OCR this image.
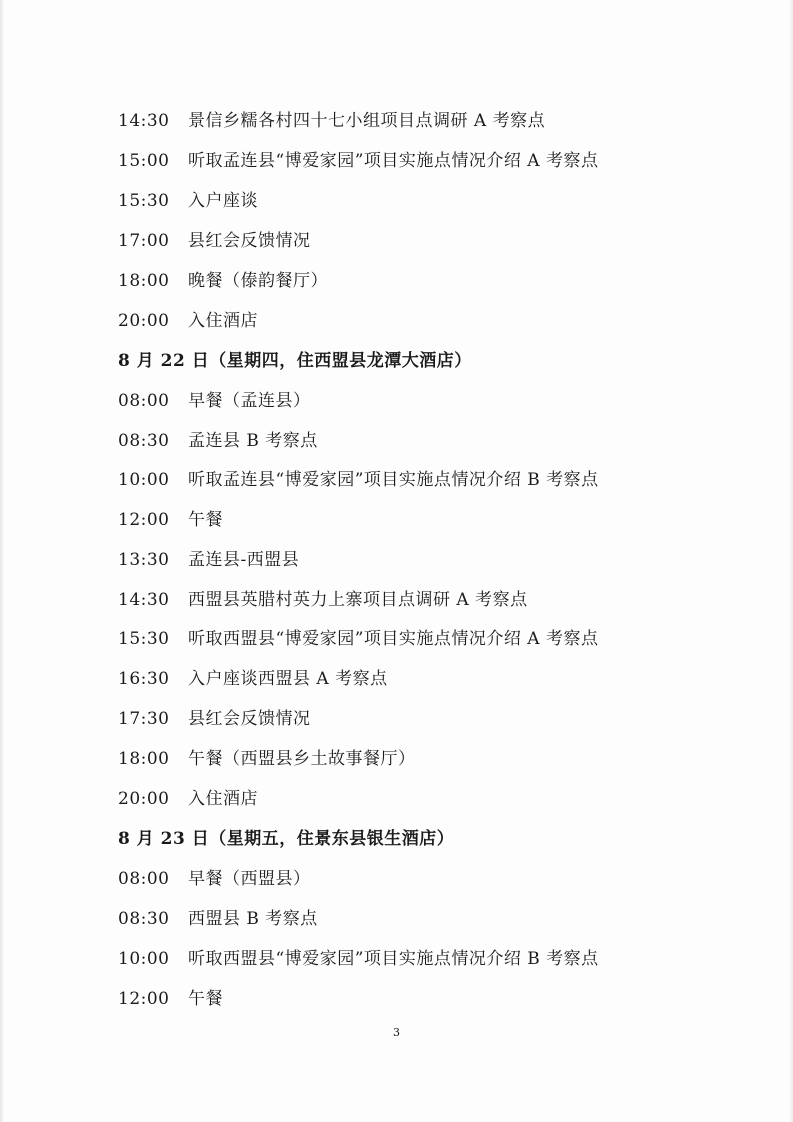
14:30 景信乡糯各村四十七小组项目点调研 A 考察点
15:00 听取孟连县“博爱家园”项目实施点情况介绍 A 考察点
15:30 入户座谈
17:00 县红会反馈情况
18:00 晚餐（傣韵餐厅）
20:00 入住酒店
8 月 22 日（星期四，住西盟县龙潭大酒店）
08:00 早餐（孟连县）
08:30 孟连县 B 考察点
10:00 听取孟连县“博爱家园”项目实施点情况介绍 B 考察点
12:00 午餐
13:30 孟连县-西盟县
14:30 西盟县英腊村英力上寨项目点调研 A 考察点
15:30 听取西盟县“博爱家园”项目实施点情况介绍 A 考察点
16:30 入户座谈西盟县 A 考察点
17:30 县红会反馈情况
18:00 午餐（西盟县乡土故事餐厅）
20:00 入住酒店
8 月 23 日（星期五，住景东县银生酒店）
08:00 早餐（西盟县）
08:30 西盟县 B 考察点
10:00 听取西盟县“博爱家园”项目实施点情况介绍 B 考察点
12:00 午餐
3
